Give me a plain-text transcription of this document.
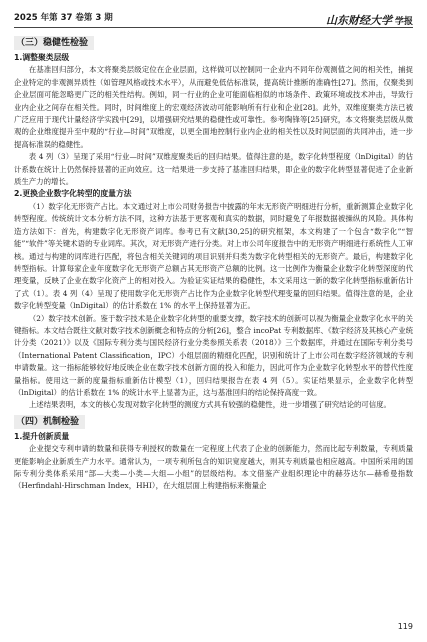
2025 年第 37 卷第 3 期	山东财经大学 学报
（三）稳健性检验

1.调整聚类层级

在基准回归部分，本文将聚类层级定位在企业层面，这样做可以控制同一企业内不同年份观测值之间的相关性，捕捉企业特定的非观测异质性（如管理风格或技术水平），从而避免低估标准误，提高统计推断的准确性[27]。然而，仅聚类到企业层面可能忽略更广泛的相关性结构。例如，同一行业的企业可能面临相似的市场条件、政策环境或技术冲击，导致行业内企业之间存在相关性。同时，时间维度上的宏观经济波动可能影响所有行业和企业[28]。此外，双维度聚类方法已被广泛应用于现代计量经济学实践中[29]，以增强研究结果的稳健性或可靠性。参考陶锋等[25]研究，本文将聚类层级从微观的企业维度提升至中观的“行业—时间”双维度，以更全面地控制行业内企业的相关性以及时间层面的共同冲击，进一步提高标准误的稳健性。

表 4 列（3）呈现了采用“行业—时间”双维度聚类后的回归结果。值得注意的是，数字化转型程度（lnDigital）的估计系数在统计上仍然保持显著的正向效应。这一结果进一步支持了基准回归结果，即企业的数字化转型显著促进了企业新质生产力的增长。

2.更换企业数字化转型的度量方法

（1）数字化无形资产占比。本文通过对上市公司财务报告中披露的年末无形资产明细进行分析，重新测算企业数字化转型程度。传统统计文本分析方法不同，这种方法基于更客观和真实的数据，同时避免了年报数据被操纵的风险。具体构造方法如下：首先，构建数字化无形资产词库。参考已有文献[30,25]的研究框架，本文构建了一个包含“数字化”“智能”“软件”等关键术语的专业词库。其次，对无形资产进行分类。对上市公司年度报告中的无形资产明细进行系统性人工审核。通过与构建的词库进行匹配，将包含相关关键词的项目识别并归类为数字化转型相关的无形资产。最后，构建数字化转型指标。计算每家企业年度数字化无形资产总额占其无形资产总额的比例。这一比例作为衡量企业数字化转型深度的代理变量，反映了企业在数字化资产上的相对投入。为验证实证结果的稳健性，本文采用这一新的数字化转型指标重新估计了式（1）。表 4 列（4）呈现了使用数字化无形资产占比作为企业数字化转型代理变量的回归结果。值得注意的是，企业数字化转型变量（lnDigital）的估计系数在 1% 的水平上保持显著为正。

（2）数字技术创新。鉴于数字技术是企业数字化转型的重要支撑，数字技术的创新可以视为衡量企业数字化水平的关键指标。本文结合既往文献对数字技术创新概念和特点的分析[26]，整合 incoPat 专利数据库、《数字经济及其核心产业统计分类（2021）》以及《国际专利分类与国民经济行业分类参照关系表（2018）》三个数据库，并通过在国际专利分类号（International Patent Classification，IPC）小组层面的精细化匹配，识别和统计了上市公司在数字经济领域的专利申请数量。这一指标能够较好地反映企业在数字技术创新方面的投入和能力，因此可作为企业数字化转型水平的替代性度量指标。使用这一新的度量指标重新估计模型（1），回归结果报告在表 4 列（5）。实证结果显示，企业数字化转型（lnDigital）的估计系数在 1% 的统计水平上显著为正，这与基准回归的结论保持高度一致。

上述结果表明，本文的核心发现对数字化转型的测度方式具有较强的稳健性，进一步增强了研究结论的可信度。

（四）机制检验

1.提升创新质量

企业提交专利申请的数量和获得专利授权的数量在一定程度上代表了企业的创新能力，然而比起专利数量，专利质量更能影响企业新质生产力水平。通常认为，一项专利所包含的知识宽度越大，则其专利质量也相应越高。中国所采用的国际专利分类体系采用“部—大类—小类—大组—小组”的层级结构。本文借鉴产业组织理论中的赫芬达尔—赫希曼指数（Herfindahl-Hirschman Index，HHI），在大组层面上构建指标来衡量企

119
